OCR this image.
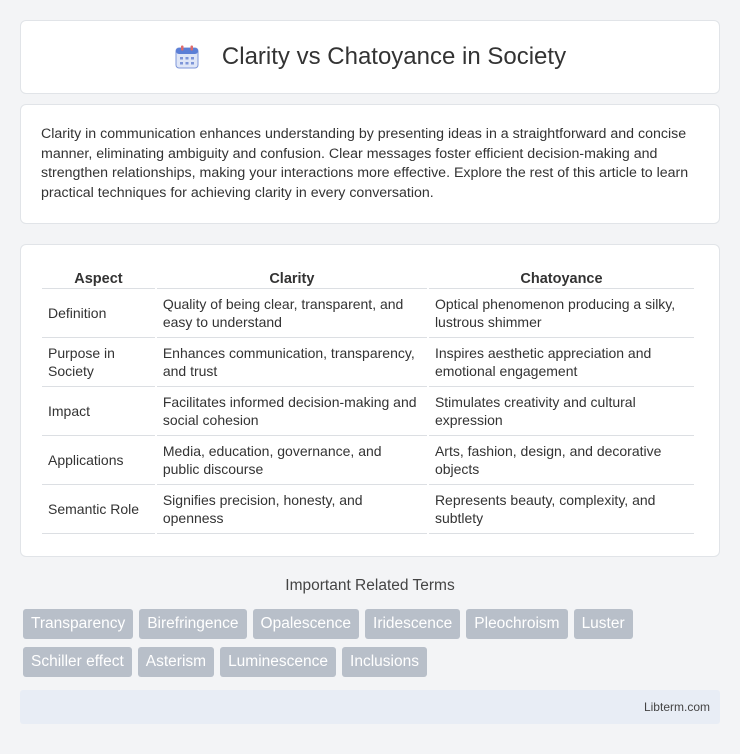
Clarity vs Chatoyance in Society

Clarity in communication enhances understanding by presenting ideas in a straightforward and concise manner, eliminating ambiguity and confusion. Clear messages foster efficient decision-making and strengthen relationships, making your interactions more effective. Explore the rest of this article to learn practical techniques for achieving clarity in every conversation.

Aspect	Clarity	Chatoyance
Definition	Quality of being clear, transparent, and easy to understand	Optical phenomenon producing a silky, lustrous shimmer
Purpose in Society	Enhances communication, transparency, and trust	Inspires aesthetic appreciation and emotional engagement
Impact	Facilitates informed decision-making and social cohesion	Stimulates creativity and cultural expression
Applications	Media, education, governance, and public discourse	Arts, fashion, design, and decorative objects
Semantic Role	Signifies precision, honesty, and openness	Represents beauty, complexity, and subtlety
Important Related Terms
Transparency	Birefringence	Opalescence	Iridescence	Pleochroism	Luster
Schiller effect	Asterism	Luminescence	Inclusions
Libterm.com
